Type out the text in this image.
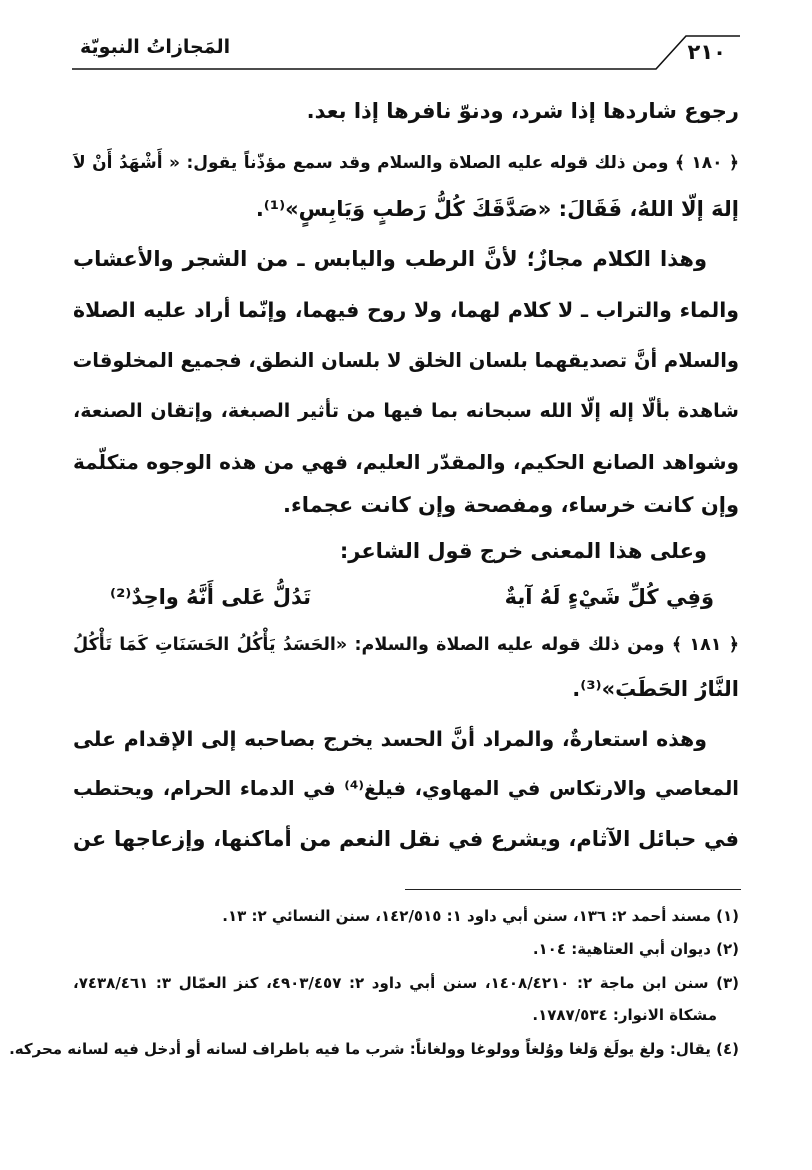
٢١٠
المَجازاتُ النبويّة
رجوع شاردها إذا شرد، ودنوّ نافرها إذا بعد.
﴿ ١٨٠ ﴾ ومن ذلك قوله عليه الصلاة والسلام وقد سمع مؤذّناً يقول: « أَشْهَدُ أَنْ لاَ
إلهَ إلّا اللهُ، فَقَالَ: «صَدَّقَكَ كُلُّ رَطبٍ وَيَابِسٍ»⁽¹⁾.
وهذا الكلام مجازٌ؛ لأنَّ الرطب واليابس ـ من الشجر والأعشاب
والماء والتراب ـ لا كلام لهما، ولا روح فيهما، وإنّما أراد عليه الصلاة
والسلام أنَّ تصديقهما بلسان الخلق لا بلسان النطق، فجميع المخلوقات
شاهدة بألّا إله إلّا الله سبحانه بما فيها من تأثير الصبغة، وإتقان الصنعة،
وشواهد الصانع الحكيم، والمقدّر العليم، فهي من هذه الوجوه متكلّمة
وإن كانت خرساء، ومفصحة وإن كانت عجماء.
وعلى هذا المعنى خرج قول الشاعر:
وَفِي كُلِّ شَيْءٍ لَهُ آيةٌ
تَدُلُّ عَلى أَنَّهُ واحِدٌ⁽²⁾
﴿ ١٨١ ﴾ ومن ذلك قوله عليه الصلاة والسلام: «الحَسَدُ يَأْكُلُ الحَسَنَاتِ كَمَا تَأْكُلُ
النَّارُ الحَطَبَ»⁽³⁾.
وهذه استعارةٌ، والمراد أنَّ الحسد يخرج بصاحبه إلى الإقدام على
المعاصي والارتكاس في المهاوي، فيلغ⁽⁴⁾ في الدماء الحرام، ويحتطب
في حبائل الآثام، ويشرع في نقل النعم من أماكنها، وإزعاجها عن
(١) مسند أحمد ٢: ١٣٦، سنن أبي داود ١: ١٤٢/٥١٥، سنن النسائي ٢: ١٣.
(٢) ديوان أبي العتاهية: ١٠٤.
(٣) سنن ابن ماجة ٢: ١٤٠٨/٤٢١٠، سنن أبي داود ٢: ٤٩٠٣/٤٥٧، كنز العمّال ٣: ٧٤٣٨/٤٦١،
مشكاة الانوار: ١٧٨٧/٥٣٤.
(٤) يقال: ولغ يولَغ وَلغا ووُلغاً وولوغا وولغاناً: شرب ما فيه باطراف لسانه أو أدخل فيه لسانه محركه.
